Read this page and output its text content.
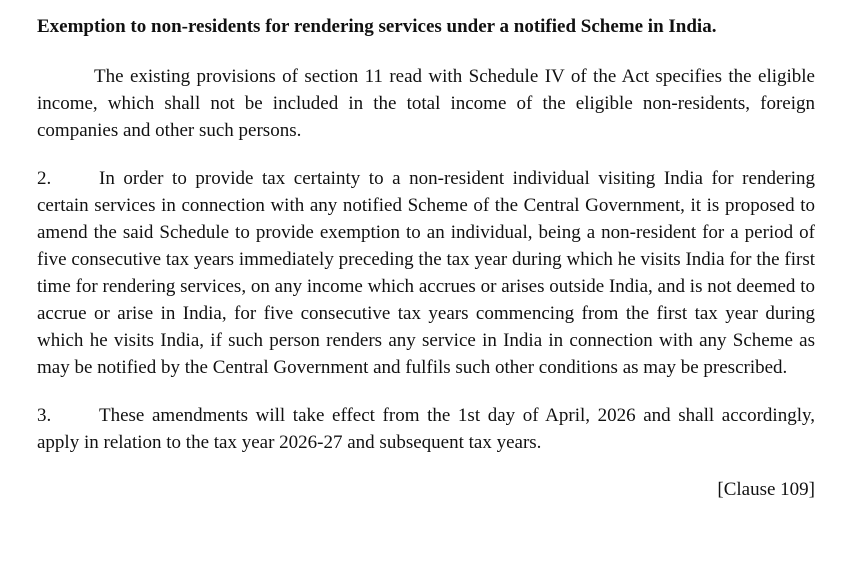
Exemption to non-residents for rendering services under a notified Scheme in India.

The existing provisions of section 11 read with Schedule IV of the Act specifies the eligible income, which shall not be included in the total income of the eligible non-residents, foreign companies and other such persons.

2.	In order to provide tax certainty to a non-resident individual visiting India for rendering certain services in connection with any notified Scheme of the Central Government, it is proposed to amend the said Schedule to provide exemption to an individual, being a non-resident for a period of five consecutive tax years immediately preceding the tax year during which he visits India for the first time for rendering services, on any income which accrues or arises outside India, and is not deemed to accrue or arise in India, for five consecutive tax years commencing from the first tax year during which he visits India, if such person renders any service in India in connection with any Scheme as may be notified by the Central Government and fulfils such other conditions as may be prescribed.

3.	These amendments will take effect from the 1st day of April, 2026 and shall accordingly, apply in relation to the tax year 2026-27 and subsequent tax years.

[Clause 109]
